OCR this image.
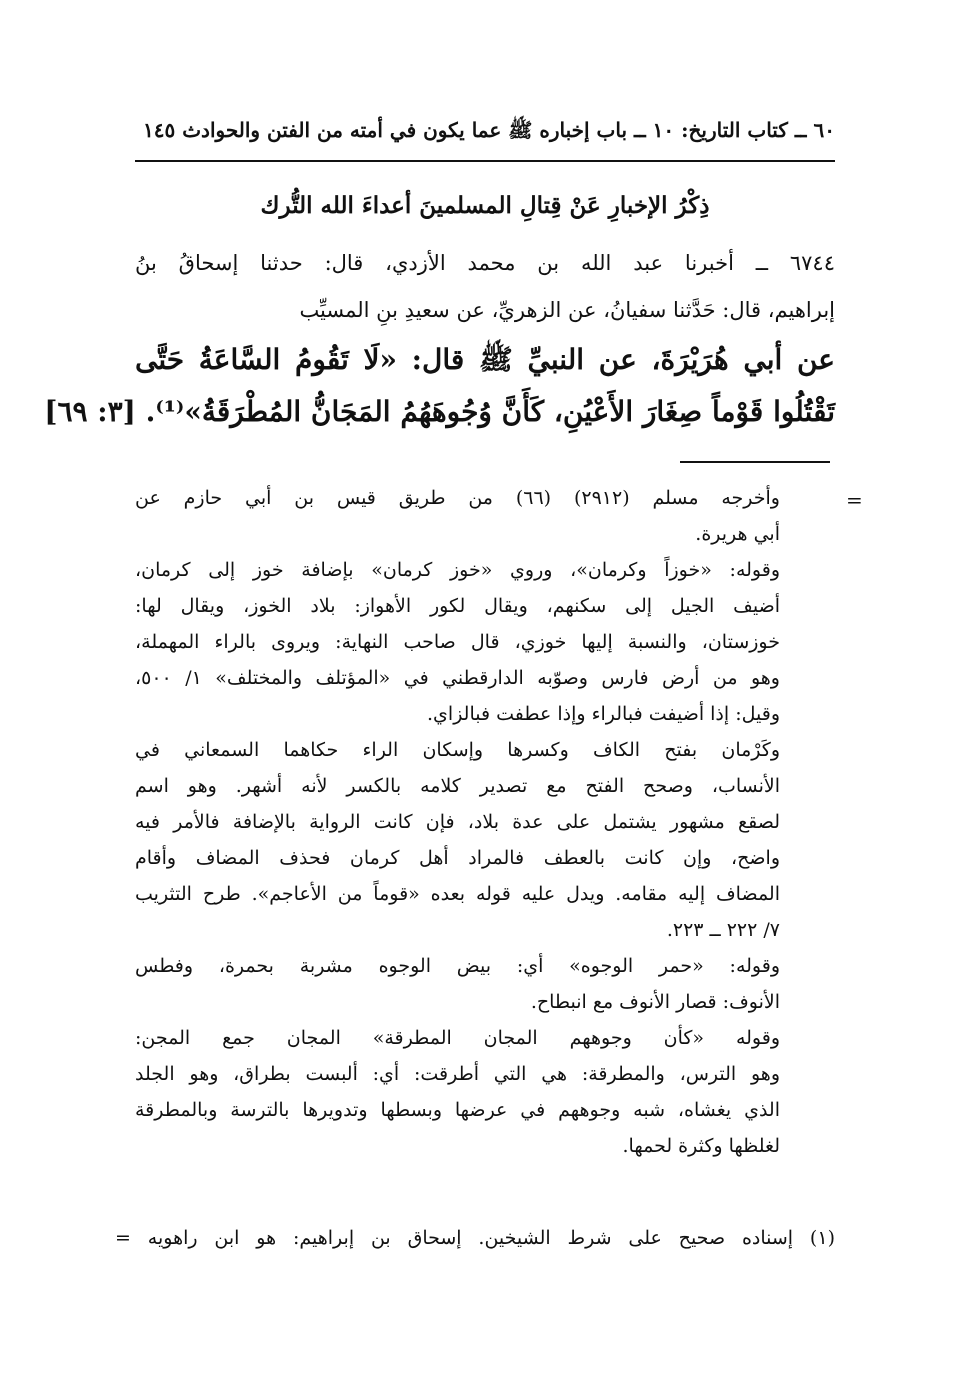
٦٠ ــ كتاب التاريخ: ١٠ ــ باب إخباره ﷺ عما يكون في أمته من الفتن والحوادث ١٤٥
ذِكْرُ الإخبارِ عَنْ قِتالِ المسلمينَ أعداءَ الله التُّرك
٦٧٤٤ ــ أخبرنا عبد الله بن محمد الأزدي، قال: حدثنا إسحاقُ بنُ
إبراهيم، قال: حَدَّثنا سفيانُ، عن الزهريِّ، عن سعيدِ بنِ المسيِّب
عن أبي هُرَيْرَةَ، عن النبيِّ ﷺ قال: «لَا تَقُومُ السَّاعَةُ حَتَّى
تَقْتُلُوا قَوْماً صِغَارَ الأَعْيُنِ، كَأَنَّ وُجُوهَهُمُ المَجَانُّ المُطْرَقَةُ»⁽¹⁾. [٣: ٦٩]
=
وأخرجه مسلم (٢٩١٢) (٦٦) من طريق قيس بن أبي حازم عن
أبي هريرة.
وقوله: «خوزاً وكرمان»، وروي «خوز كرمان» بإضافة خوز إلى كرمان،
أضيف الجيل إلى سكنهم، ويقال لكور الأهواز: بلاد الخوز، ويقال لها:
خوزستان، والنسبة إليها خوزي، قال صاحب النهاية: ويروى بالراء المهملة،
وهو من أرض فارس وصوّبه الدارقطني في «المؤتلف والمختلف» ١/ ٥٠٠،
وقيل: إذا أضيفت فبالراء وإذا عطفت فبالزاي.
وكَرْمان بفتح الكاف وكسرها وإسكان الراء حكاهما السمعاني في
الأنساب، وصحح الفتح مع تصدير كلامه بالكسر لأنه أشهر. وهو اسم
لصقع مشهور يشتمل على عدة بلاد، فإن كانت الرواية بالإضافة فالأمر فيه
واضح، وإن كانت بالعطف فالمراد أهل كرمان فحذف المضاف وأقام
المضاف إليه مقامه. ويدل عليه قوله بعده «قوماً من الأعاجم». طرح التثريب
٧/ ٢٢٢ ــ ٢٢٣.
وقوله: «حمر الوجوه» أي: بيض الوجوه مشربة بحمرة، وفطس
الأنوف: قصار الأنوف مع انبطاح.
وقوله «كأن وجوههم المجان المطرقة» المجان جمع المجن:
وهو الترس، والمطرقة: هي التي أطرقت: أي: ألبست بطراق، وهو الجلد
الذي يغشاه، شبه وجوههم في عرضها وبسطها وتدويرها بالترسة وبالمطرقة
لغلظها وكثرة لحمها.
(١) إسناده صحيح على شرط الشيخين. إسحاق بن إبراهيم: هو ابن راهويه =
